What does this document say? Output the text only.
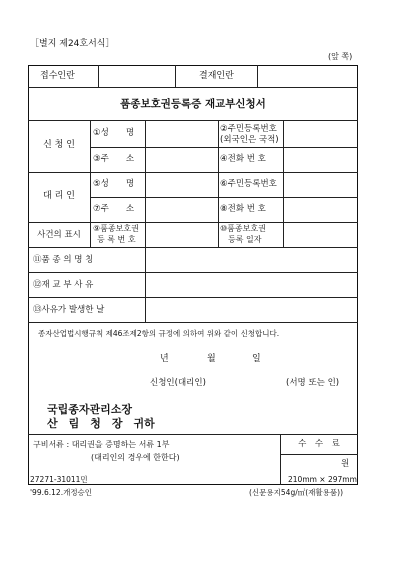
［별지 제24호서식］
(앞 쪽)
접수인란	결재인란
품종보호권등록증 재교부신청서
신 청 인
①성　　명	②주민등록번호
(외국인은 국적)
③주　　소	④전화 번 호
대 리 인
⑤성　　명	⑥주민등록번호
⑦주　　소	⑧전화 번 호
사건의 표시
⑨품종보호권
등 록 번 호
⑩품종보호권
등록 일자
⑪품 종 의 명 칭
⑫재 교 부 사 유
⑬사유가 발생한 날
종자산업법시행규칙 제46조제2항의 규정에 의하여 위와 같이 신청합니다.
년	월	일
신청인(대리인)	(서명 또는 인)
국립종자관리소장
산　림　청　장　귀하
구비서류 : 대리권을 증명하는 서류 1부
(대리인의 경우에 한한다)
수　수　료
원
27271-31011민
'99.6.12.개정승인
210mm × 297mm
(신문용지54g/㎡(재활용품))
